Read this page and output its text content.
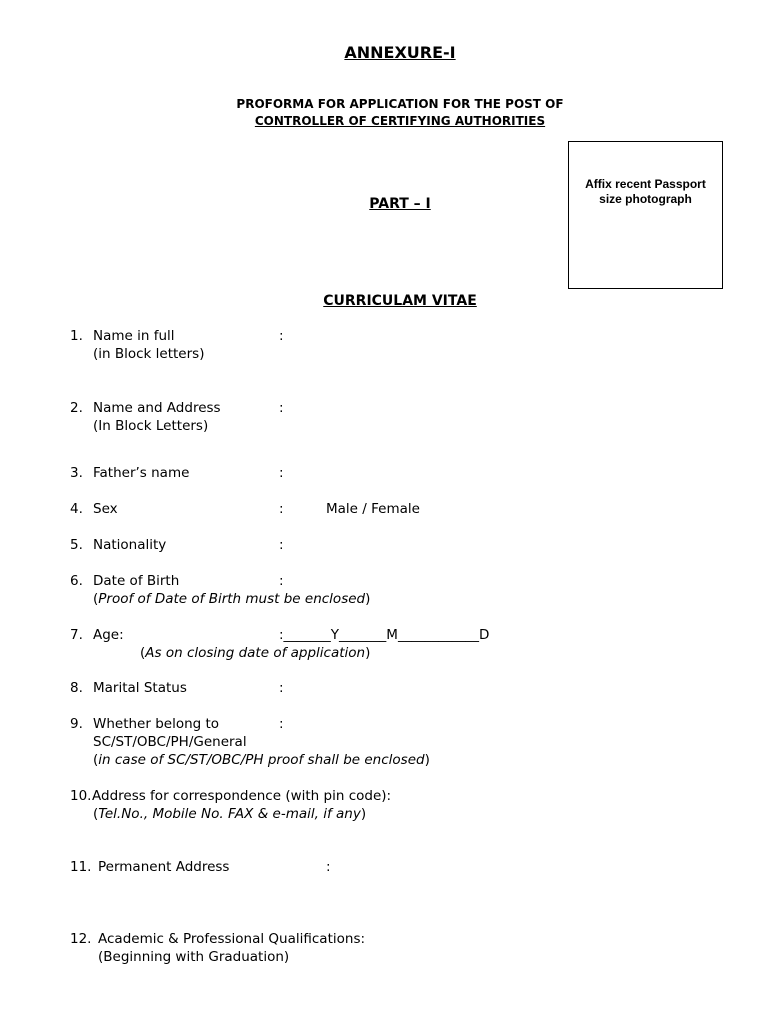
ANNEXURE-I
PROFORMA FOR APPLICATION FOR THE POST OF
CONTROLLER OF CERTIFYING AUTHORITIES
Affix recent Passport
size photograph
PART – I
CURRICULAM VITAE
1. Name in full	:
(in Block letters)
2. Name and Address	:
(In Block Letters)
3. Father’s name	:
4. Sex	:	Male / Female
5. Nationality	:
6. Date of Birth	:
(Proof of Date of Birth must be enclosed)
7. Age:	:_______Y_______M____________D
(As on closing date of application)
8. Marital Status	:
9. Whether belong to	:
SC/ST/OBC/PH/General
(in case of SC/ST/OBC/PH proof shall be enclosed)
10. Address for correspondence (with pin code):
(Tel.No., Mobile No. FAX & e-mail, if any)
11. Permanent Address	:
12. Academic & Professional Qualifications:
(Beginning with Graduation)
